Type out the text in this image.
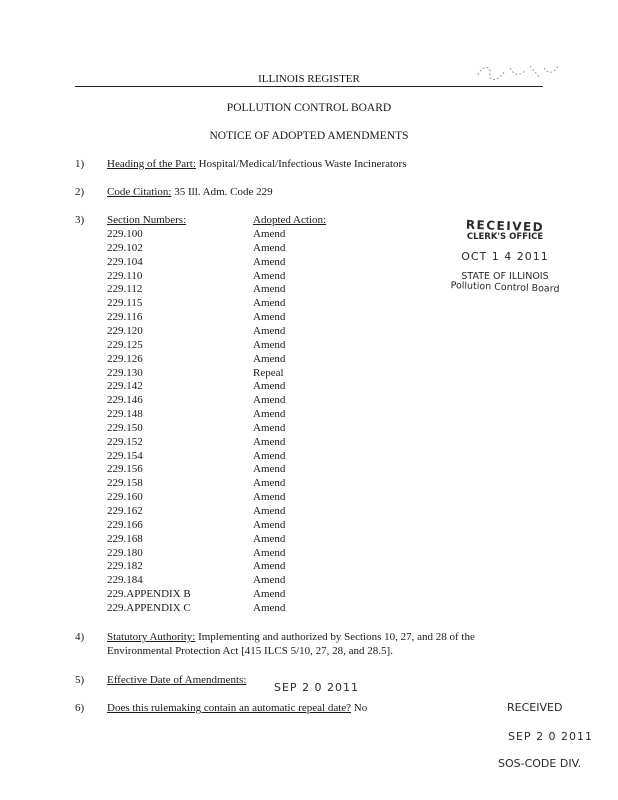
ILLINOIS REGISTER
POLLUTION CONTROL BOARD
NOTICE OF ADOPTED AMENDMENTS
1) Heading of the Part: Hospital/Medical/Infectious Waste Incinerators
2) Code Citation: 35 Ill. Adm. Code 229
3) Section Numbers:	Adopted Action:
229.100	Amend
229.102	Amend
229.104	Amend
229.110	Amend
229.112	Amend
229.115	Amend
229.116	Amend
229.120	Amend
229.125	Amend
229.126	Amend
229.130	Repeal
229.142	Amend
229.146	Amend
229.148	Amend
229.150	Amend
229.152	Amend
229.154	Amend
229.156	Amend
229.158	Amend
229.160	Amend
229.162	Amend
229.166	Amend
229.168	Amend
229.180	Amend
229.182	Amend
229.184	Amend
229.APPENDIX B	Amend
229.APPENDIX C	Amend
RECEIVED
CLERK'S OFFICE
OCT 1 4 2011
STATE OF ILLINOIS
Pollution Control Board
4) Statutory Authority: Implementing and authorized by Sections 10, 27, and 28 of the
Environmental Protection Act [415 ILCS 5/10, 27, 28, and 28.5].
5) Effective Date of Amendments:
SEP 2 0 2011
6) Does this rulemaking contain an automatic repeal date? No	RECEIVED
SEP 2 0 2011
SOS-CODE DIV.
